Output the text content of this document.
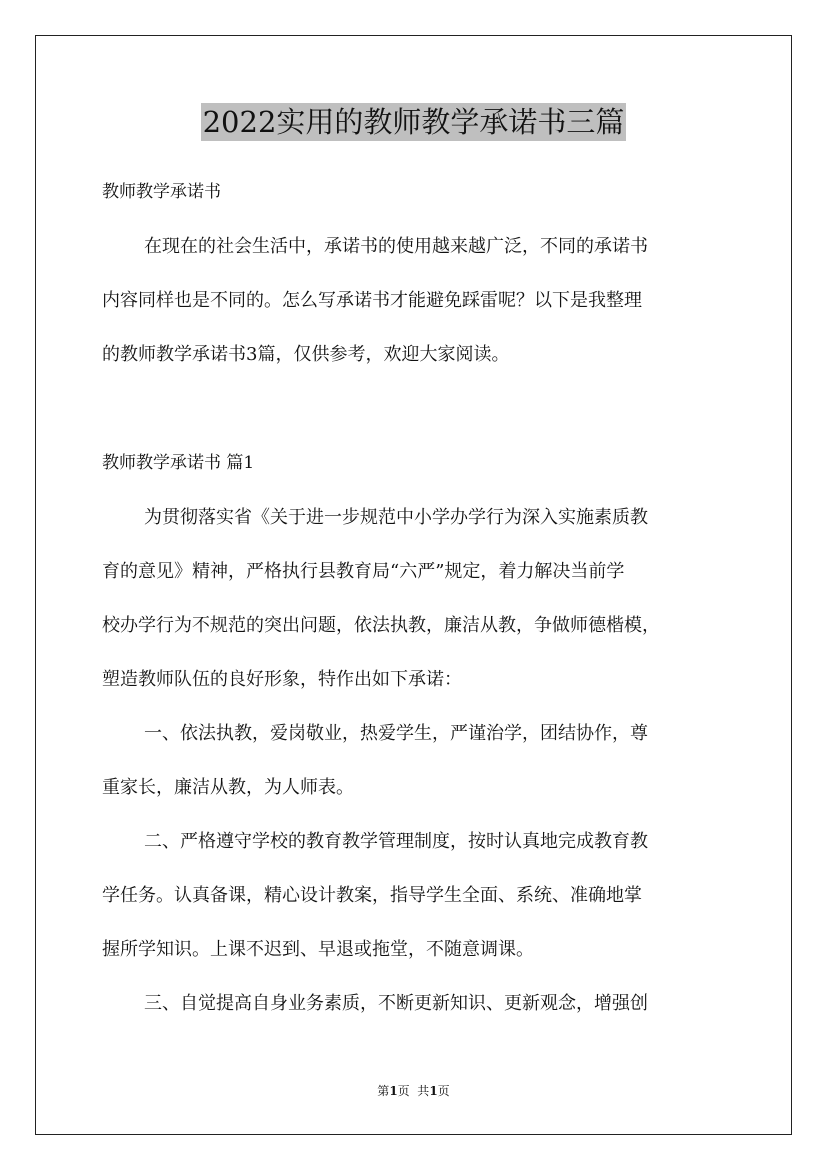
2022实用的教师教学承诺书三篇
教师教学承诺书
在现在的社会生活中，承诺书的使用越来越广泛，不同的承诺书
内容同样也是不同的。怎么写承诺书才能避免踩雷呢？以下是我整理
的教师教学承诺书3篇，仅供参考，欢迎大家阅读。
教师教学承诺书 篇1
为贯彻落实省《关于进一步规范中小学办学行为深入实施素质教
育的意见》精神，严格执行县教育局“六严”规定，着力解决当前学
校办学行为不规范的突出问题，依法执教，廉洁从教，争做师德楷模，
塑造教师队伍的良好形象，特作出如下承诺：
一、依法执教，爱岗敬业，热爱学生，严谨治学，团结协作，尊
重家长，廉洁从教，为人师表。
二、严格遵守学校的教育教学管理制度，按时认真地完成教育教
学任务。认真备课，精心设计教案，指导学生全面、系统、准确地掌
握所学知识。上课不迟到、早退或拖堂，不随意调课。
三、自觉提高自身业务素质，不断更新知识、更新观念，增强创
第1页  共1页
